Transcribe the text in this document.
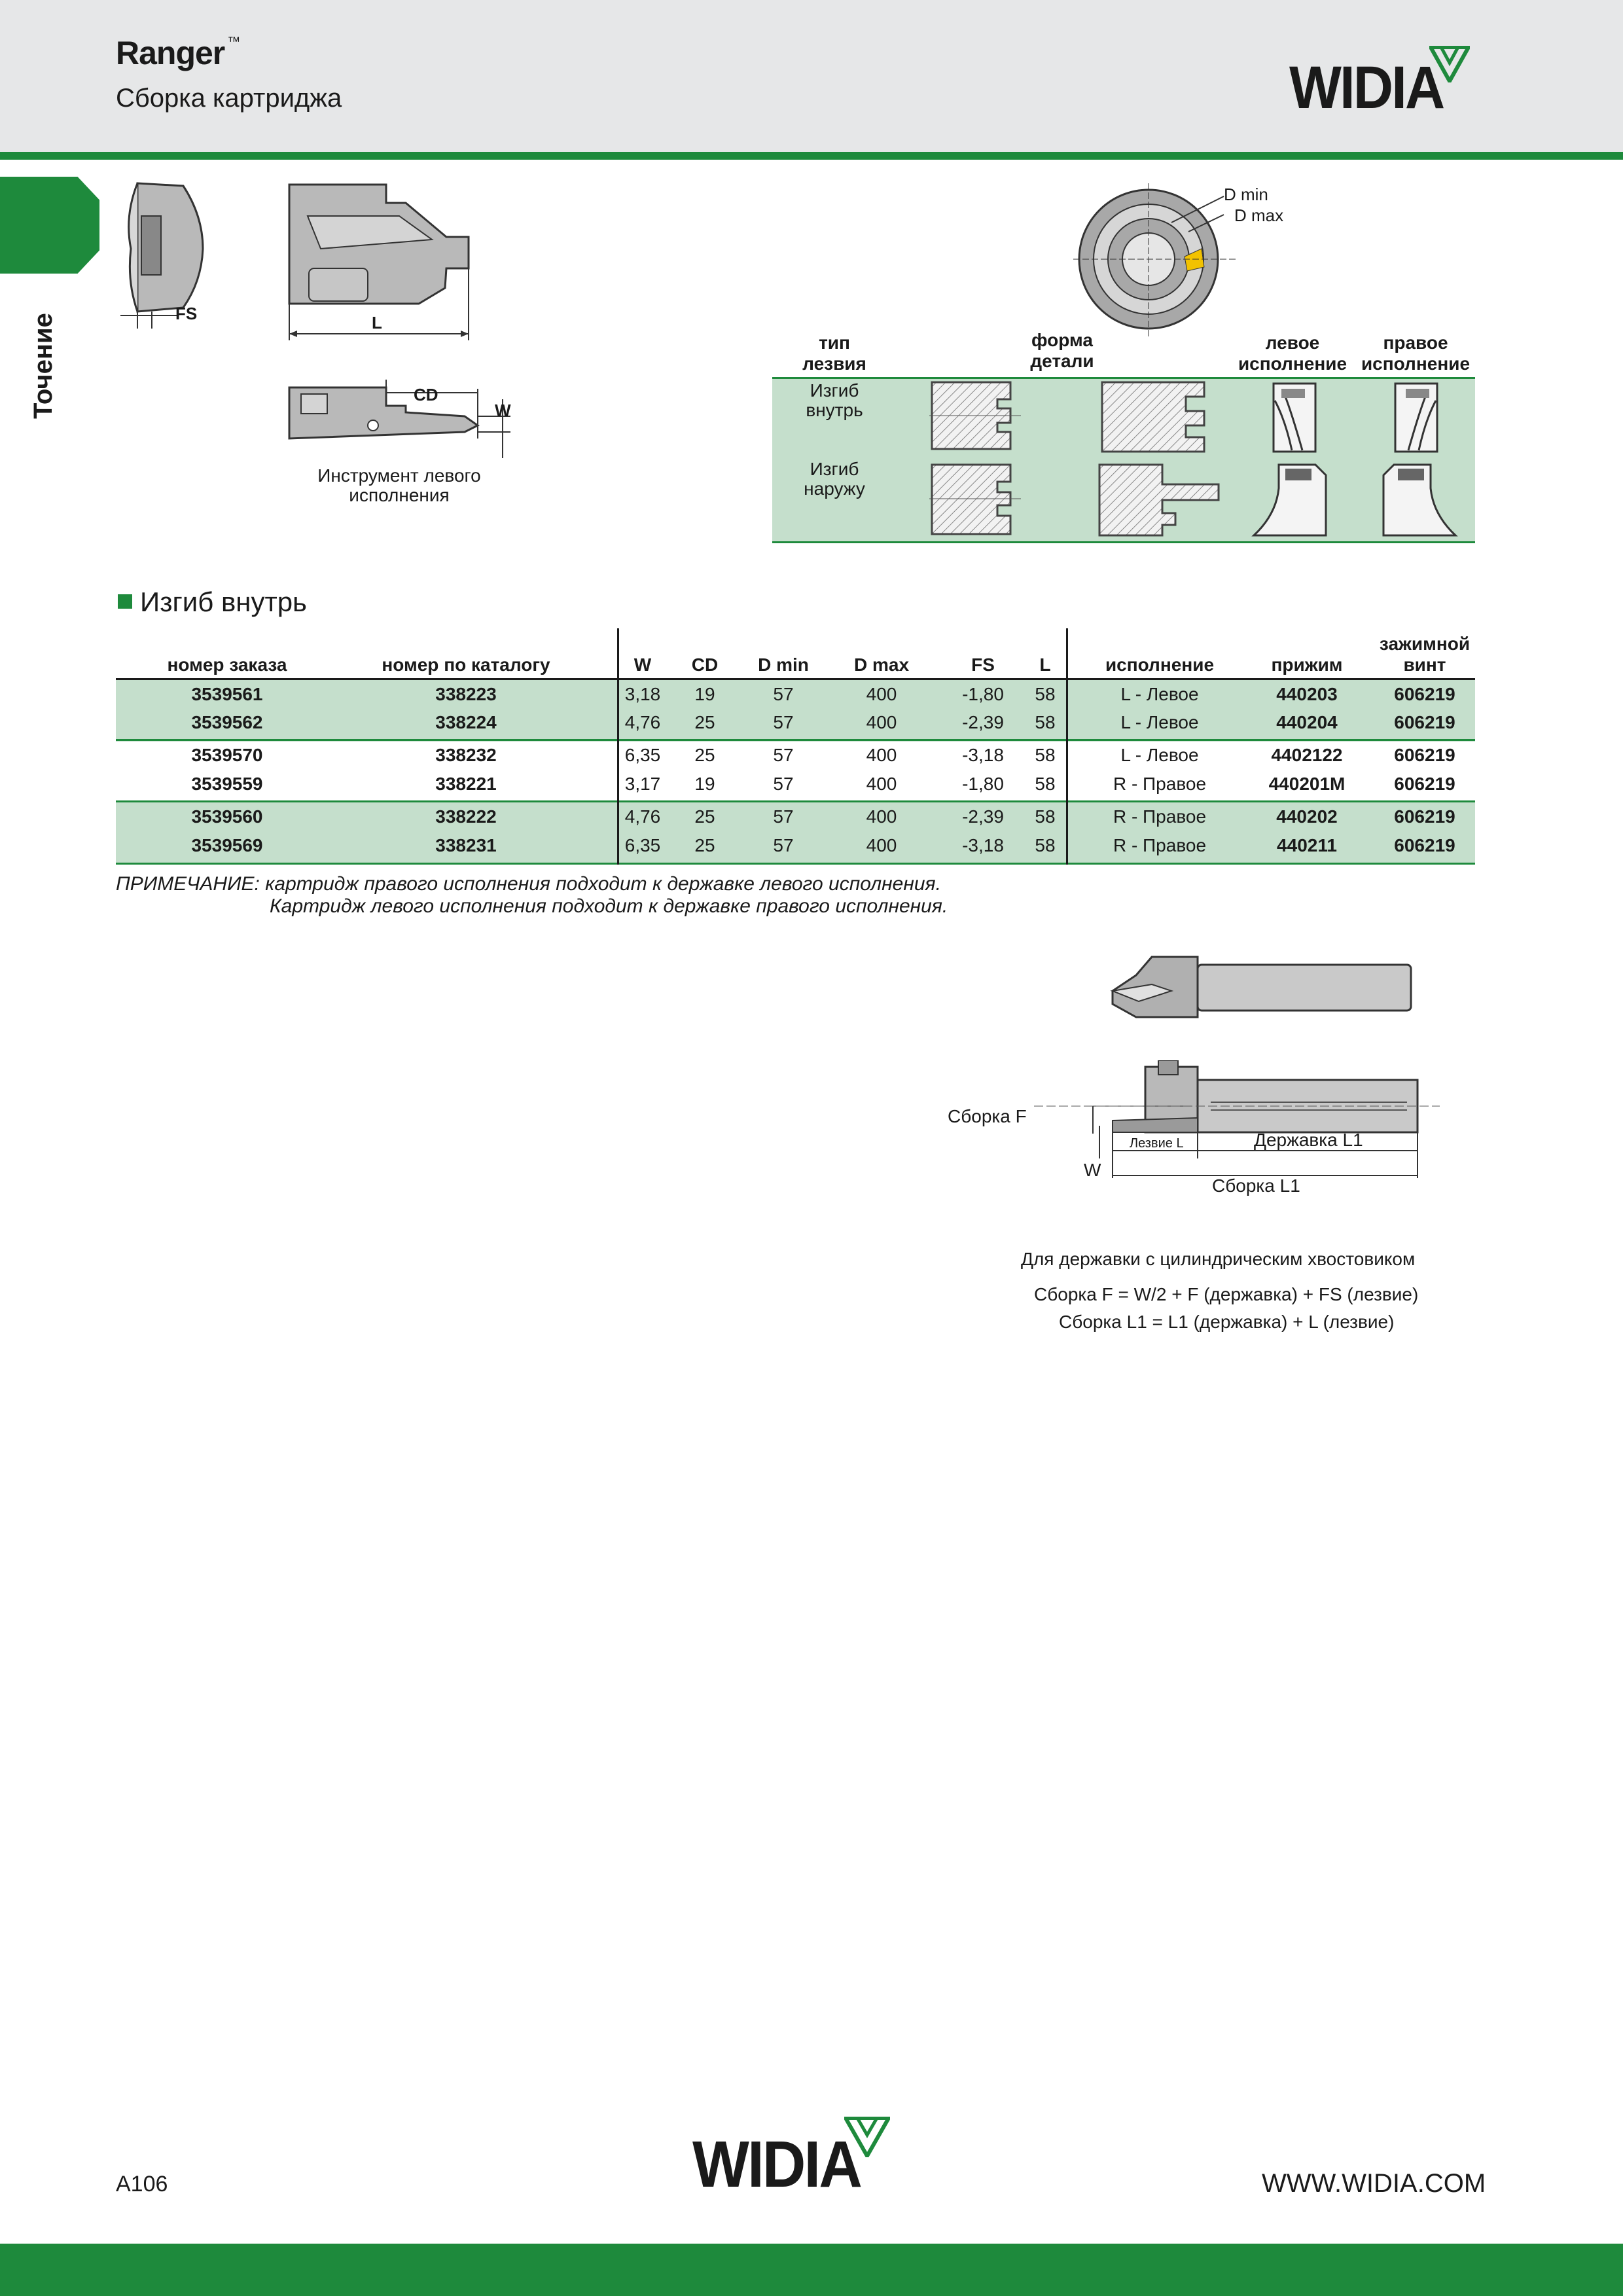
Ranger ™
Сборка картриджа	WIDIA
Точение	FS	L
CD
W
Инструмент левого
исполнения
D min
D max
тип
лезвия
форма
детали
левое
исполнение
правое
исполнение
Изгиб
внутрь
Изгиб
наружу
Изгиб внутрь
номер заказа	номер по каталогу	W	CD	D min	D max	FS	L	исполнение	прижим
зажимной
винт
3539561	338223	3,18	19	57	400	-1,80	58	L - Левое	440203	606219
3539562	338224	4,76	25	57	400	-2,39	58	L - Левое	440204	606219
3539570	338232	6,35	25	57	400	-3,18	58	L - Левое	4402122	606219
3539559	338221	3,17	19	57	400	-1,80	58	R - Правое	440201M	606219
3539560	338222	4,76	25	57	400	-2,39	58	R - Правое	440202	606219
3539569	338231	6,35	25	57	400	-3,18	58	R - Правое	440211	606219
ПРИМЕЧАНИЕ: картридж правого исполнения подходит к державке левого исполнения.
Картридж левого исполнения подходит к державке правого исполнения.
Сборка F
W
Лезвие L	Державка L1
Сборка L1
Для державки с цилиндрическим хвостовиком
Сборка F = W/2 + F (державка) + FS (лезвие)
Сборка L1 = L1 (державка) + L (лезвие)
A106	WIDIA	WWW.WIDIA.COM
